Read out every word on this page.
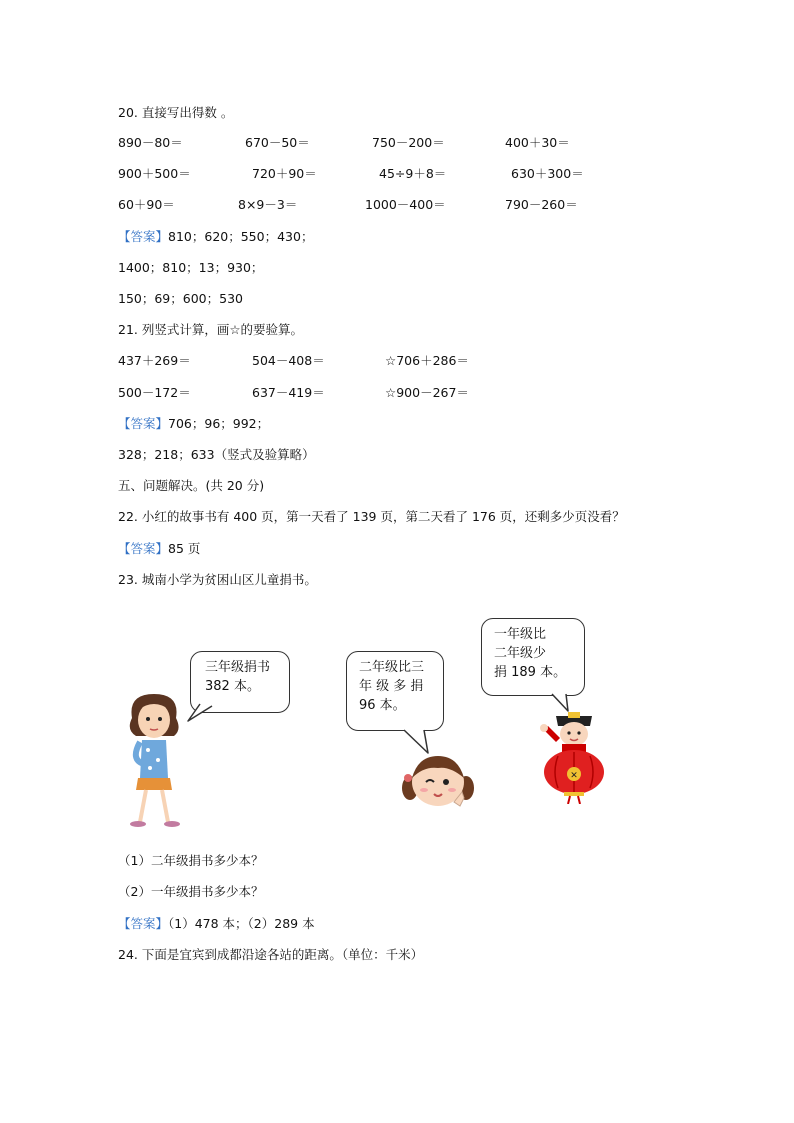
20. 直接写出得数 。
890－80＝	670－50＝	750－200＝	400＋30＝
900＋500＝	720＋90＝	45÷9＋8＝	630＋300＝
60＋90＝	8×9－3＝	1000－400＝	790－260＝
【答案】810；620；550；430；
1400；810；13；930；
150；69；600；530
21. 列竖式计算，画☆的要验算。
437＋269＝	504－408＝	☆706＋286＝
500－172＝	637－419＝	☆900－267＝
【答案】706；96；992；
328；218；633（竖式及验算略）
五、问题解决。(共 20 分)
22. 小红的故事书有 400 页，第一天看了 139 页，第二天看了 176 页，还剩多少页没看？
【答案】85 页
23. 城南小学为贫困山区儿童捐书。
三年级捐书
382 本。
二年级比三
年 级 多 捐
96 本。
一年级比
二年级少
捐 189 本。
✕
（1）二年级捐书多少本？
（2）一年级捐书多少本？
【答案】（1）478 本；（2）289 本
24. 下面是宜宾到成都沿途各站的距离。（单位：千米）
